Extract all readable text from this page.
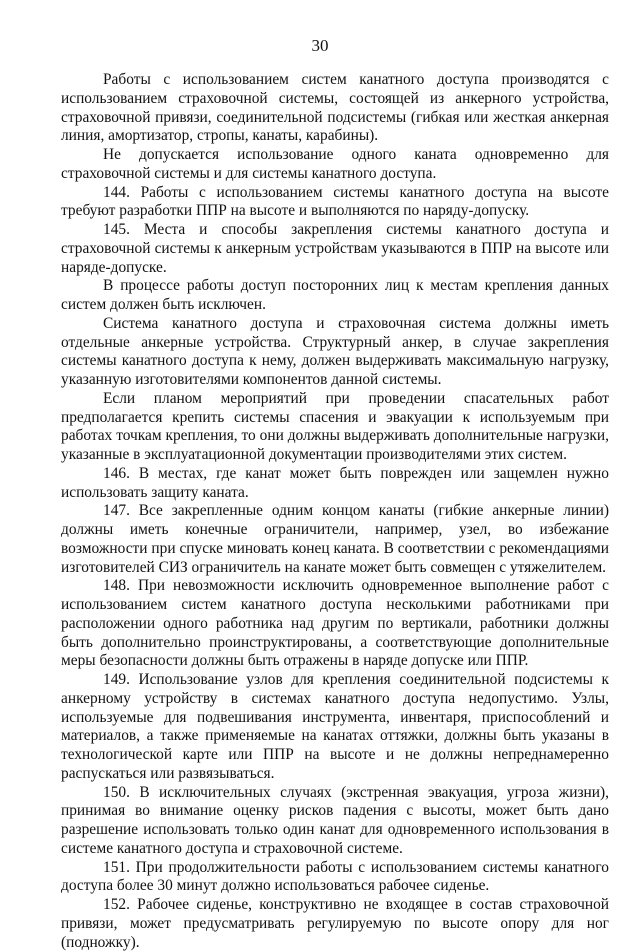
30

Работы с использованием систем канатного доступа производятся с использованием страховочной системы, состоящей из анкерного устройства, страховочной привязи, соединительной подсистемы (гибкая или жесткая анкерная линия, амортизатор, стропы, канаты, карабины).

Не допускается использование одного каната одновременно для страховочной системы и для системы канатного доступа.

144. Работы с использованием системы канатного доступа на высоте требуют разработки ППР на высоте и выполняются по наряду-допуску.

145. Места и способы закрепления системы канатного доступа и страховочной системы к анкерным устройствам указываются в ППР на высоте или наряде-допуске.

В процессе работы доступ посторонних лиц к местам крепления данных систем должен быть исключен.

Система канатного доступа и страховочная система должны иметь отдельные анкерные устройства. Структурный анкер, в случае закрепления системы канатного доступа к нему, должен выдерживать максимальную нагрузку, указанную изготовителями компонентов данной системы.

Если планом мероприятий при проведении спасательных работ предполагается крепить системы спасения и эвакуации к используемым при работах точкам крепления, то они должны выдерживать дополнительные нагрузки, указанные в эксплуатационной документации производителями этих систем.

146. В местах, где канат может быть поврежден или защемлен нужно использовать защиту каната.

147. Все закрепленные одним концом канаты (гибкие анкерные линии) должны иметь конечные ограничители, например, узел, во избежание возможности при спуске миновать конец каната. В соответствии с рекомендациями изготовителей СИЗ ограничитель на канате может быть совмещен с утяжелителем.

148. При невозможности исключить одновременное выполнение работ с использованием систем канатного доступа несколькими работниками при расположении одного работника над другим по вертикали, работники должны быть дополнительно проинструктированы, а соответствующие дополнительные меры безопасности должны быть отражены в наряде допуске или ППР.

149. Использование узлов для крепления соединительной подсистемы к анкерному устройству в системах канатного доступа недопустимо. Узлы, используемые для подвешивания инструмента, инвентаря, приспособлений и материалов, а также применяемые на канатах оттяжки, должны быть указаны в технологической карте или ППР на высоте и не должны непреднамеренно распускаться или развязываться.

150. В исключительных случаях (экстренная эвакуация, угроза жизни), принимая во внимание оценку рисков падения с высоты, может быть дано разрешение использовать только один канат для одновременного использования в системе канатного доступа и страховочной системе.

151. При продолжительности работы с использованием системы канатного доступа более 30 минут должно использоваться рабочее сиденье.

152. Рабочее сиденье, конструктивно не входящее в состав страховочной привязи, может предусматривать регулируемую по высоте опору для ног (подножку).
